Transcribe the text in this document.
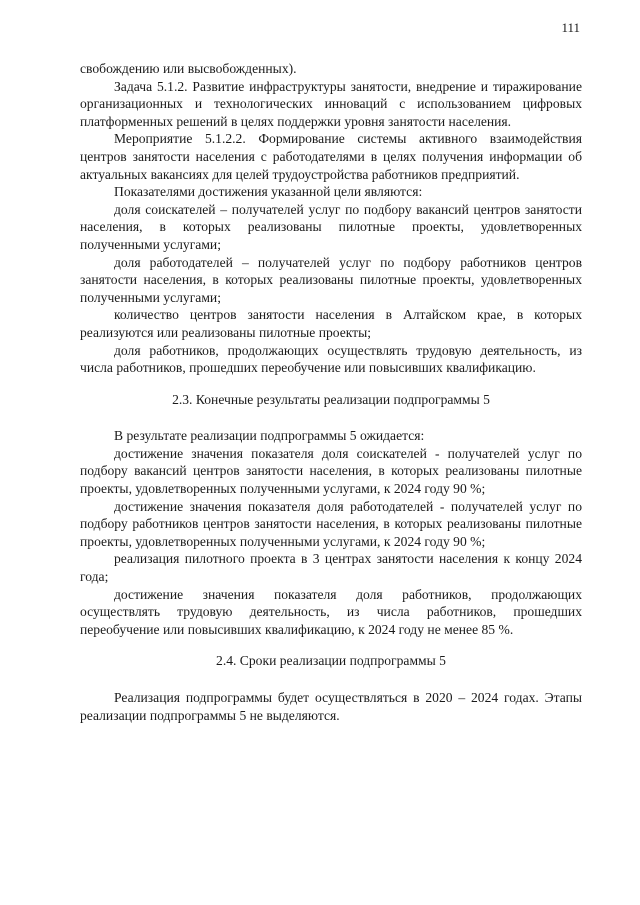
111

свобождению или высвобожденных).

Задача 5.1.2. Развитие инфраструктуры занятости, внедрение и тиражирование организационных и технологических инноваций с использованием цифровых платформенных решений в целях поддержки уровня занятости населения.

Мероприятие 5.1.2.2. Формирование системы активного взаимодействия центров занятости населения с работодателями в целях получения информации об актуальных вакансиях для целей трудоустройства работников предприятий.

Показателями достижения указанной цели являются:

доля соискателей – получателей услуг по подбору вакансий центров занятости населения, в которых реализованы пилотные проекты, удовлетворенных полученными услугами;

доля работодателей – получателей услуг по подбору работников центров занятости населения, в которых реализованы пилотные проекты, удовлетворенных полученными услугами;

количество центров занятости населения в Алтайском крае, в которых реализуются или реализованы пилотные проекты;

доля работников, продолжающих осуществлять трудовую деятельность, из числа работников, прошедших переобучение или повысивших квалификацию.

2.3. Конечные результаты реализации подпрограммы 5

В результате реализации подпрограммы 5 ожидается:

достижение значения показателя доля соискателей - получателей услуг по подбору вакансий центров занятости населения, в которых реализованы пилотные проекты, удовлетворенных полученными услугами, к 2024 году 90 %;

достижение значения показателя доля работодателей - получателей услуг по подбору работников центров занятости населения, в которых реализованы пилотные проекты, удовлетворенных полученными услугами, к 2024 году 90 %;

реализация пилотного проекта в 3 центрах занятости населения к концу 2024 года;

достижение значения показателя доля работников, продолжающих осуществлять трудовую деятельность, из числа работников, прошедших переобучение или повысивших квалификацию, к 2024 году не менее 85 %.

2.4. Сроки реализации подпрограммы 5

Реализация подпрограммы будет осуществляться в 2020 – 2024 годах. Этапы реализации подпрограммы 5 не выделяются.
